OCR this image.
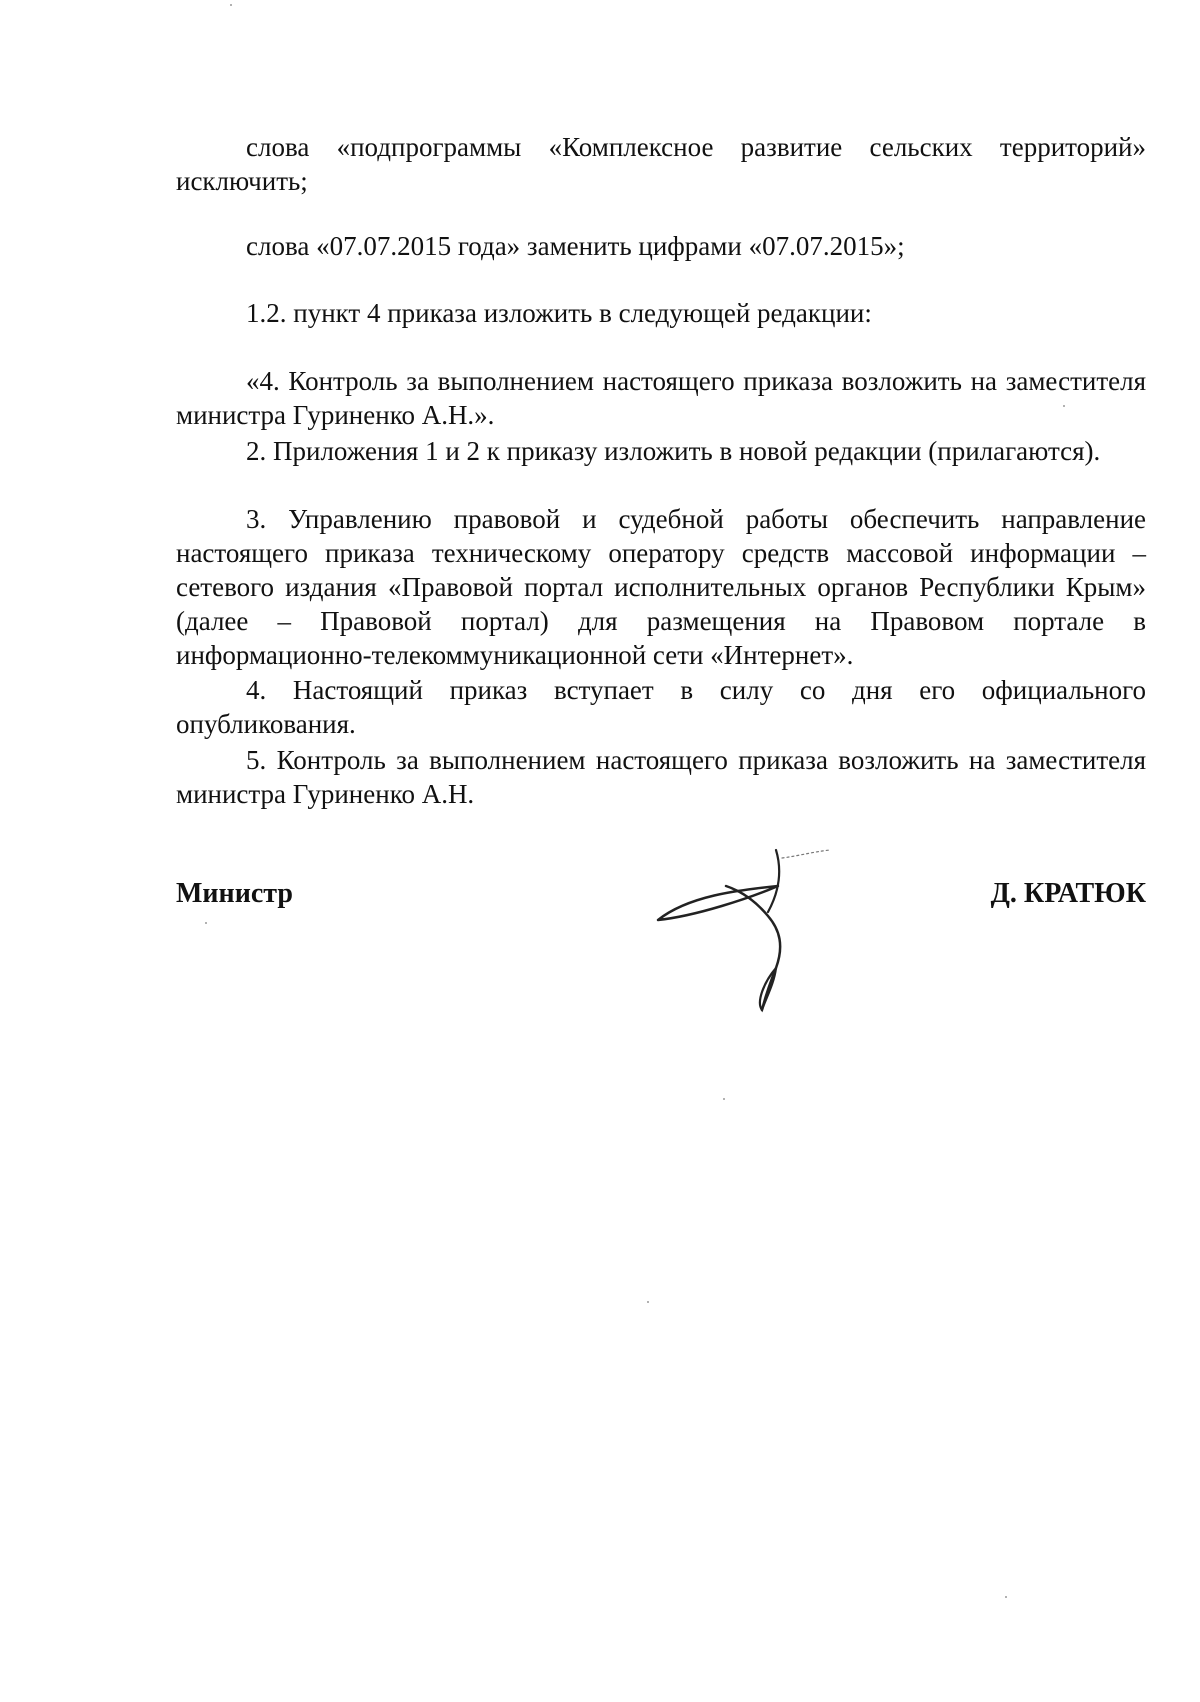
слова «подпрограммы «Комплексное развитие сельских территорий» исключить;

слова «07.07.2015 года» заменить цифрами «07.07.2015»;

1.2. пункт 4 приказа изложить в следующей редакции:

«4. Контроль за выполнением настоящего приказа возложить на заместителя министра Гуриненко А.Н.».

2. Приложения 1 и 2 к приказу изложить в новой редакции (прилагаются).

3. Управлению правовой и судебной работы обеспечить направление настоящего приказа техническому оператору средств массовой информации – сетевого издания «Правовой портал исполнительных органов Республики Крым» (далее – Правовой портал) для размещения на Правовом портале в информационно-телекоммуникационной сети «Интернет».

4. Настоящий приказ вступает в силу со дня его официального опубликования.

5. Контроль за выполнением настоящего приказа возложить на заместителя министра Гуриненко А.Н.

Министр	Д. КРАТЮК
